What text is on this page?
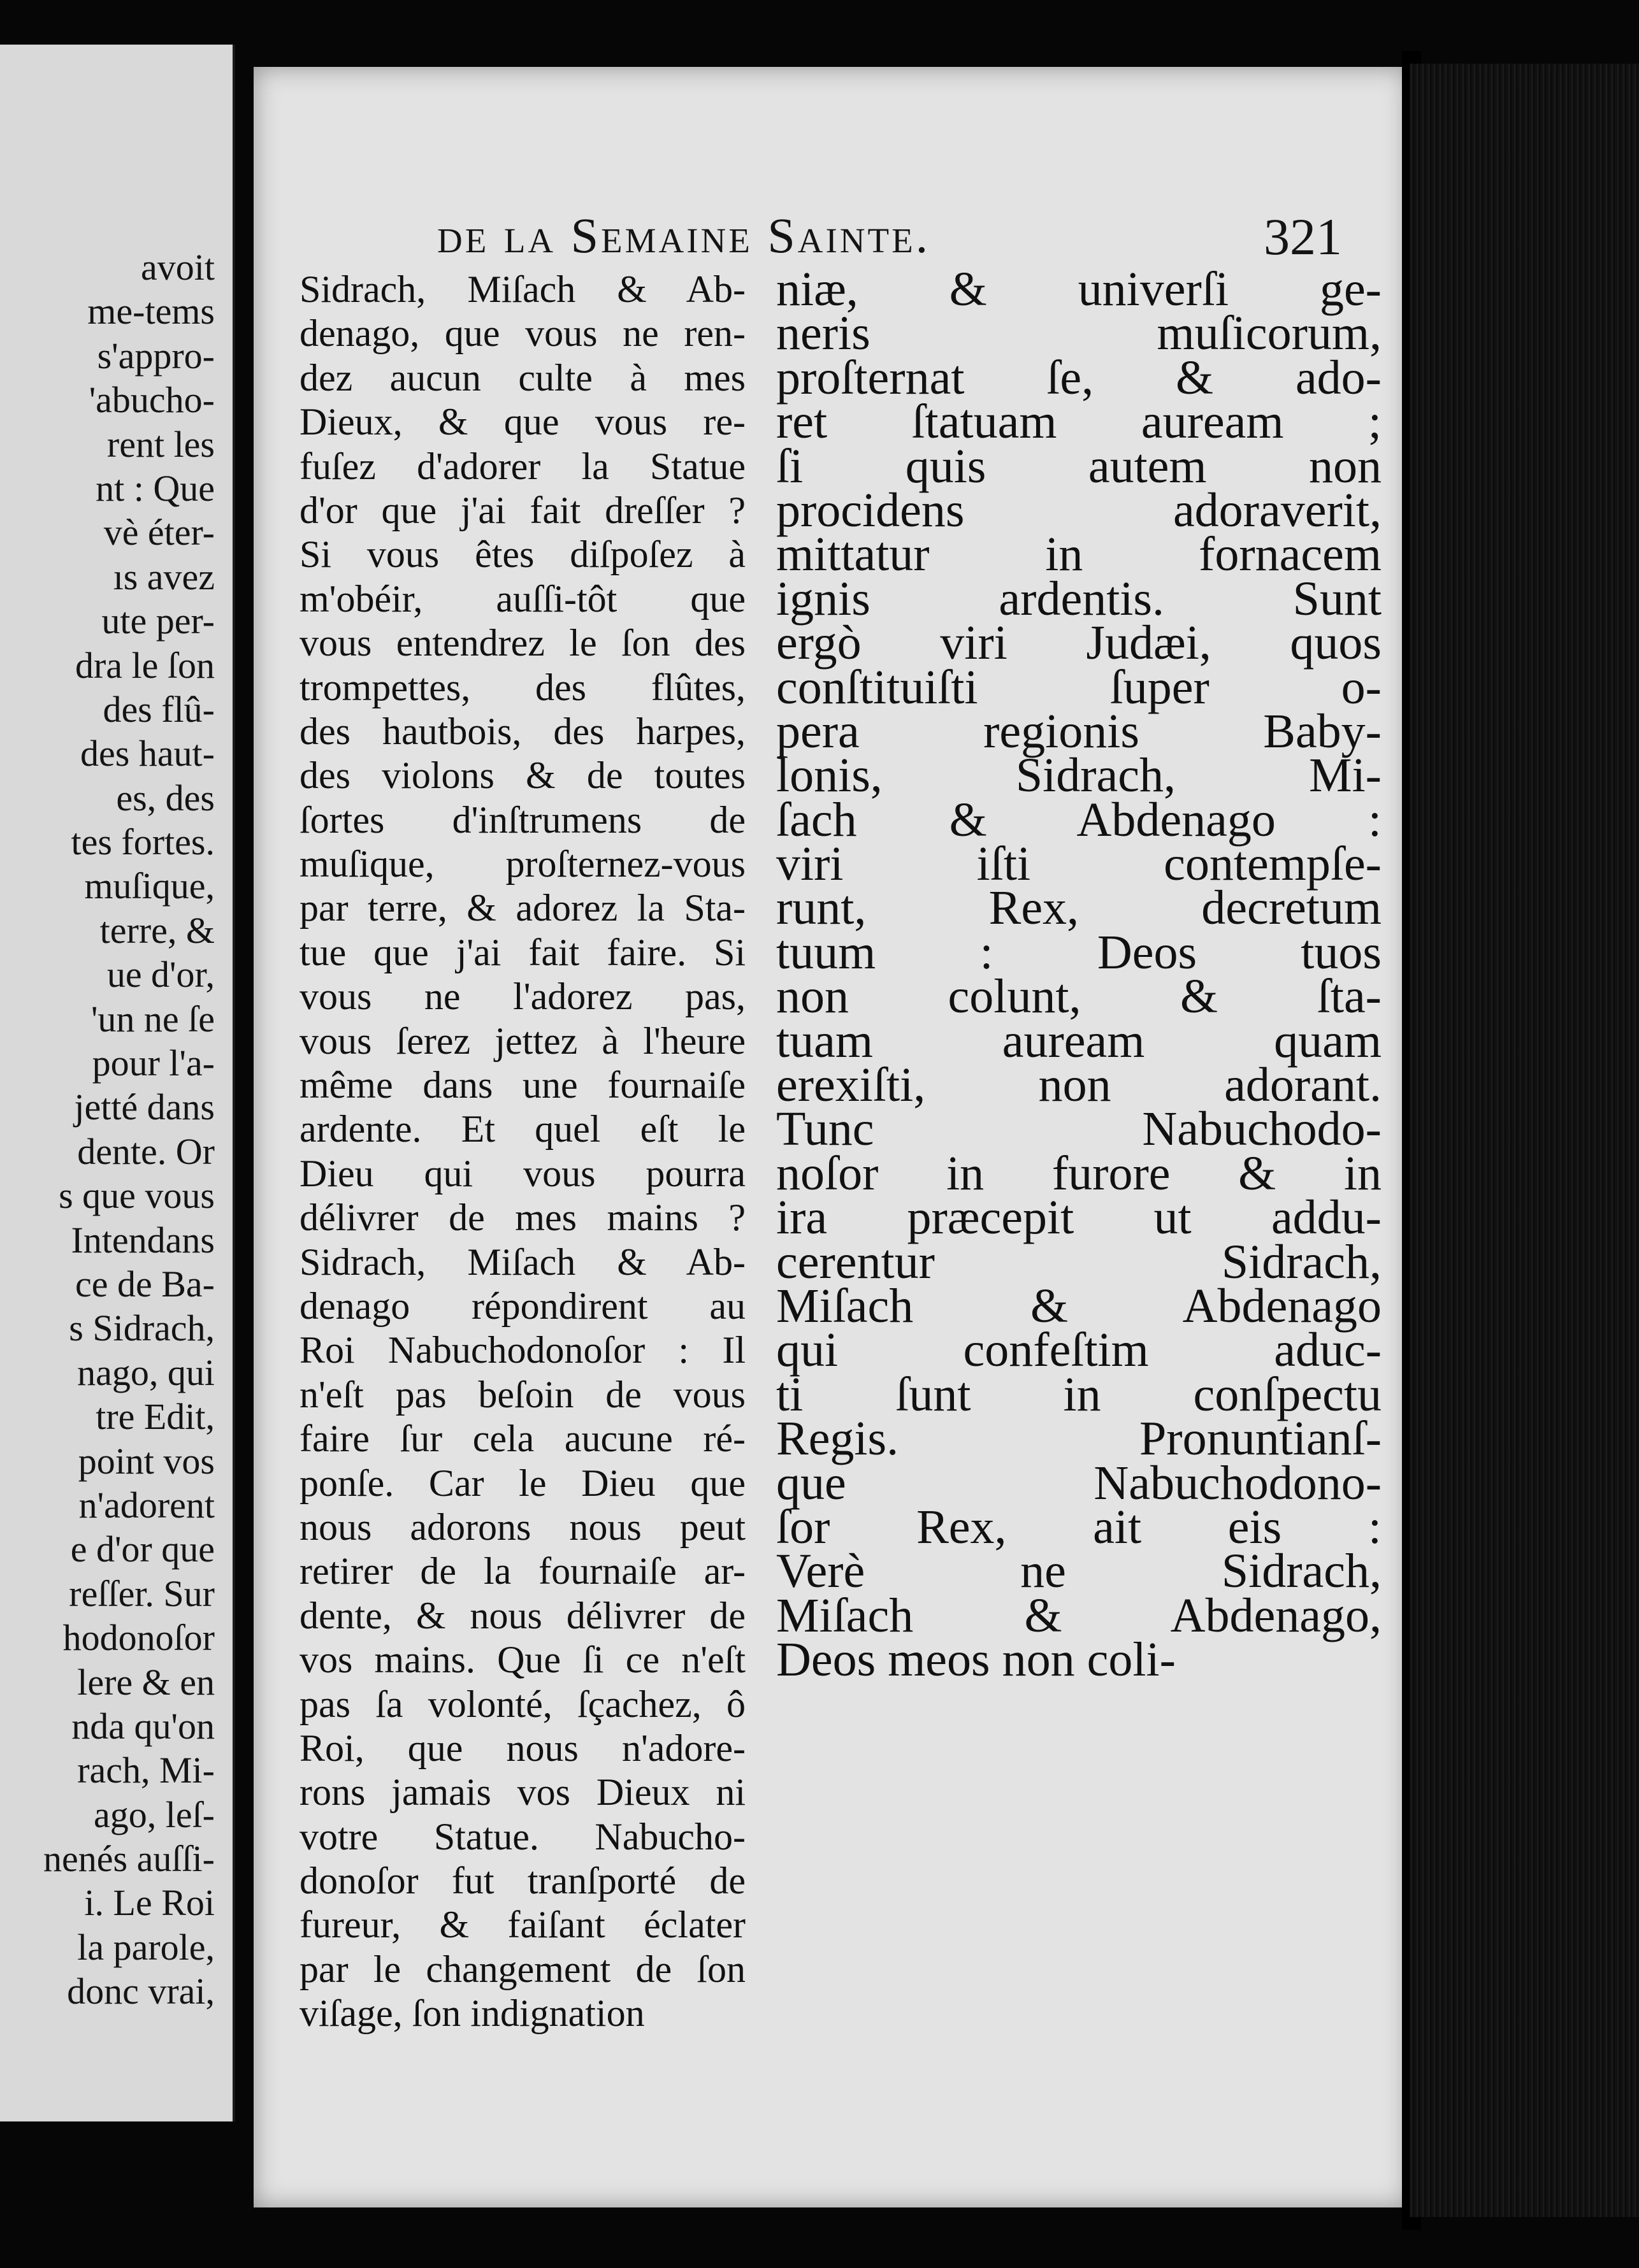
avoit
me-tems
s'appro-
'abucho-
rent les
nt : Que
vè éter-
ıs avez
ute per-
dra le ſon
des flû-
des haut-
es, des
tes fortes.
muſique,
terre, &
ue d'or,
'un ne ſe
pour l'a-
jetté dans
dente. Or
s que vous
Intendans
ce de Ba-
s Sidrach,
nago, qui
tre Edit,
point vos
n'adorent
e d'or que
reſſer. Sur
hodonoſor
lere & en
nda qu'on
rach, Mi-
ago, leſ-
nenés auſſi-
i. Le Roi
la parole,
donc vrai,
de la Semaine Sainte.	321
Sidrach, Miſach & Ab-
denago, que vous ne ren-
dez aucun culte à mes
Dieux, & que vous re-
fuſez d'adorer la Statue
d'or que j'ai fait dreſſer ?
Si vous êtes diſpoſez à
m'obéir, auſſi-tôt que
vous entendrez le ſon des
trompettes, des flûtes,
des hautbois, des harpes,
des violons & de toutes
ſortes d'inſtrumens de
muſique, proſternez-vous
par terre, & adorez la Sta-
tue que j'ai fait faire. Si
vous ne l'adorez pas,
vous ſerez jettez à l'heure
même dans une fournaiſe
ardente. Et quel eſt le
Dieu qui vous pourra
délivrer de mes mains ?
Sidrach, Miſach & Ab-
denago répondirent au
Roi Nabuchodonoſor : Il
n'eſt pas beſoin de vous
faire ſur cela aucune ré-
ponſe. Car le Dieu que
nous adorons nous peut
retirer de la fournaiſe ar-
dente, & nous délivrer de
vos mains. Que ſi ce n'eſt
pas ſa volonté, ſçachez, ô
Roi, que nous n'adore-
rons jamais vos Dieux ni
votre Statue. Nabucho-
donoſor fut tranſporté de
fureur, & faiſant éclater
par le changement de ſon
viſage, ſon indignation
niæ, & univerſi ge-
neris muſicorum,
proſternat ſe, & ado-
ret ſtatuam auream ;
ſi quis autem non
procidens adoraverit,
mittatur in fornacem
ignis ardentis. Sunt
ergò viri Judæi, quos
conſtituiſti ſuper o-
pera regionis Baby-
lonis, Sidrach, Mi-
ſach & Abdenago :
viri iſti contempſe-
runt, Rex, decretum
tuum : Deos tuos
non colunt, & ſta-
tuam auream quam
erexiſti, non adorant.
Tunc Nabuchodo-
noſor in furore & in
ira præcepit ut addu-
cerentur Sidrach,
Miſach & Abdenago
qui confeſtim aduc-
ti ſunt in conſpectu
Regis. Pronuntianſ-
que Nabuchodono-
ſor Rex, ait eis :
Verè ne Sidrach,
Miſach & Abdenago,
Deos meos non coli-
